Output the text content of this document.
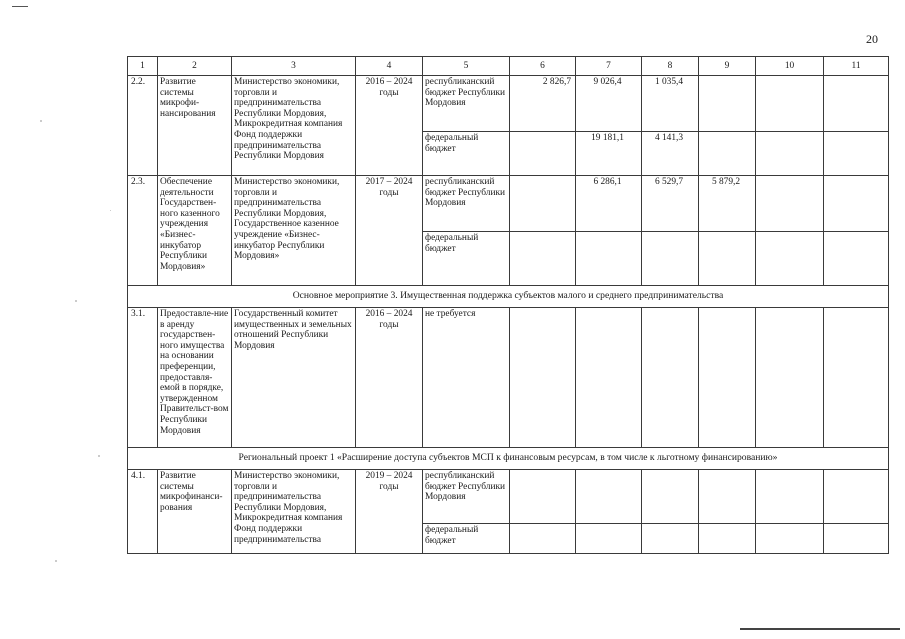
20
1	2	3	4	5	6	7	8	9	10	11
2.2.	Развитие системы микрофи-нансирования	Министерство экономики, торговли и предпринимательства Республики Мордовия, Микрокредитная компания Фонд поддержки предпринимательства Республики Мордовия	2016 – 2024 годы	республиканский бюджет Республики Мордовия	2 826,7	9 026,4	1 035,4			
				федеральный бюджет		19 181,1	4 141,3			
2.3.	Обеспечение деятельности Государствен-ного казенного учреждения «Бизнес-инкубатор Республики Мордовия»	Министерство экономики, торговли и предпринимательства Республики Мордовия, Государственное казенное учреждение «Бизнес-инкубатор Республики Мордовия»	2017 – 2024 годы	республиканский бюджет Республики Мордовия		6 286,1	6 529,7	5 879,2		
				федеральный бюджет						
Основное мероприятие 3. Имущественная поддержка субъектов малого и среднего предпринимательства										
3.1.	Предоставле-ние в аренду государствен-ного имущества на основании преференции, предоставля-емой в порядке, утвержденном Правительст-вом Республики Мордовия	Государственный комитет имущественных и земельных отношений Республики Мордовия	2016 – 2024 годы	не требуется						
Региональный проект 1 «Расширение доступа субъектов МСП к финансовым ресурсам, в том числе к льготному финансированию»										
4.1.	Развитие системы микрофинанси-рования	Министерство экономики, торговли и предпринимательства Республики Мордовия, Микрокредитная компания Фонд поддержки предпринимательства	2019 – 2024 годы	республиканский бюджет Республики Мордовия						
				федеральный бюджет						
